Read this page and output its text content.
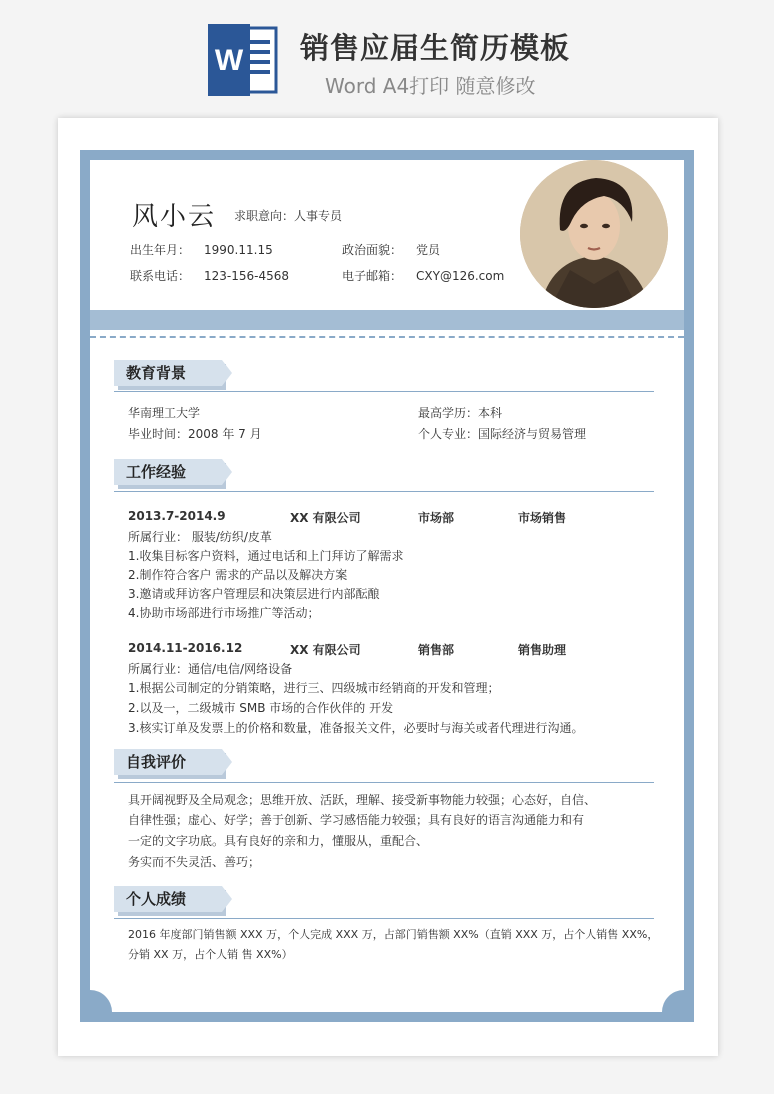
W 销售应届生简历模板
Word A4打印 随意修改
风小云 求职意向：人事专员
出生年月： 1990.11.15	政治面貌： 党员
联系电话： 123-156-4568	电子邮箱： CXY@126.com
教育背景
华南理工大学	最高学历：本科
毕业时间：2008 年 7 月	个人专业：国际经济与贸易管理
工作经验
2013.7-2014.9	XX 有限公司	市场部	市场销售
所属行业： 服装/纺织/皮革
1.收集目标客户资料，通过电话和上门拜访了解需求
2.制作符合客户 需求的产品以及解决方案
3.邀请或拜访客户管理层和决策层进行内部酝酿
4.协助市场部进行市场推广等活动；
2014.11-2016.12	XX 有限公司	销售部	销售助理
所属行业：通信/电信/网络设备
1.根据公司制定的分销策略，进行三、四级城市经销商的开发和管理；
2.以及一，二级城市 SMB 市场的合作伙伴的 开发
3.核实订单及发票上的价格和数量，准备报关文件，必要时与海关或者代理进行沟通。
自我评价
具开阔视野及全局观念；思维开放、活跃，理解、接受新事物能力较强；心态好，自信、
自律性强；虚心、好学；善于创新、学习感悟能力较强；具有良好的语言沟通能力和有
一定的文字功底。具有良好的亲和力，懂服从，重配合、
务实而不失灵活、善巧；
个人成绩
2016 年度部门销售额 XXX 万，个人完成 XXX 万，占部门销售额 XX%（直销 XXX 万，占个人销售 XX%，
分销 XX 万，占个人销 售 XX%）
